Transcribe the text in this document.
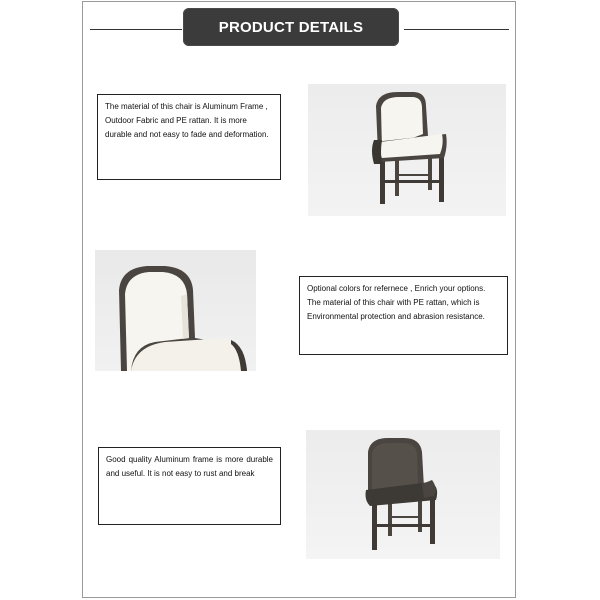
PRODUCT DETAILS
The material of this chair is Aluminum Frame , Outdoor Fabric and PE rattan. It is more durable and not easy to fade and deformation.
Optional colors for refernece , Enrich your options. The material of this chair with PE rattan, which is Environmental protection and abrasion resistance.
Good quality Aluminum frame is more durable and useful. It is not easy to rust and break
